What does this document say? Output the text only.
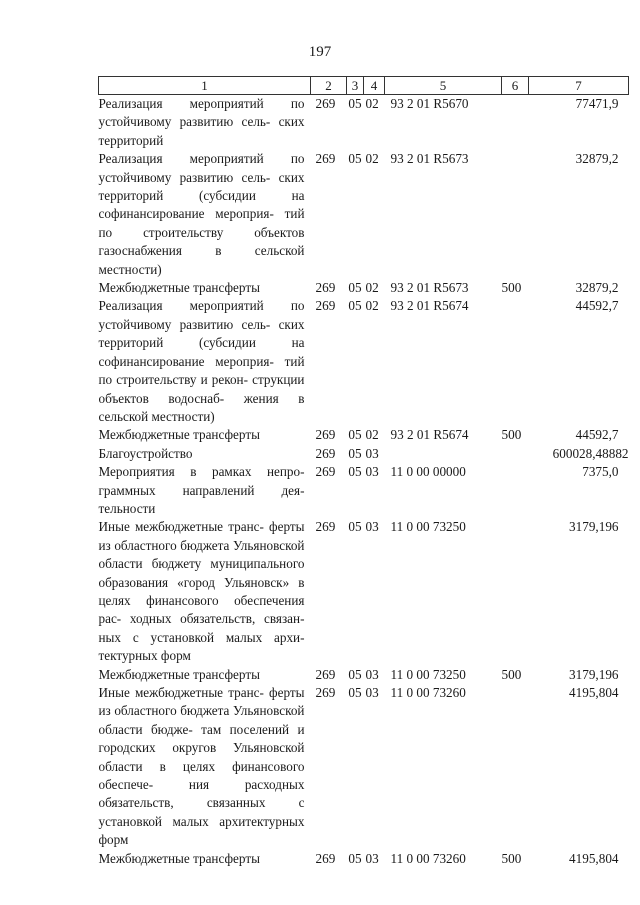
197
1	2	3	4	5	6	7
Реализация мероприятий по устойчивому развитию сель- ских территорий	269	05	02	93 2 01 R5670		77471,9
Реализация мероприятий по устойчивому развитию сель- ских территорий (субсидии на софинансирование мероприя- тий по строительству объектов газоснабжения в сельской местности)	269	05	02	93 2 01 R5673		32879,2
Межбюджетные трансферты	269	05	02	93 2 01 R5673	500	32879,2
Реализация мероприятий по устойчивому развитию сель- ских территорий (субсидии на софинансирование мероприя- тий по строительству и рекон- струкции объектов водоснаб- жения в сельской местности)	269	05	02	93 2 01 R5674		44592,7
Межбюджетные трансферты	269	05	02	93 2 01 R5674	500	44592,7
Благоустройство	269	05	03			600028,48882
Мероприятия в рамках непро- граммных направлений дея- тельности	269	05	03	11 0 00 00000		7375,0
Иные межбюджетные транс- ферты из областного бюджета Ульяновской области бюджету муниципального образования «город Ульяновск» в целях финансового обеспечения рас- ходных обязательств, связан- ных с установкой малых архи- тектурных форм	269	05	03	11 0 00 73250		3179,196
Межбюджетные трансферты	269	05	03	11 0 00 73250	500	3179,196
Иные межбюджетные транс- ферты из областного бюджета Ульяновской области бюдже- там поселений и городских округов Ульяновской области в целях финансового обеспече- ния расходных обязательств, связанных с установкой малых архитектурных форм	269	05	03	11 0 00 73260		4195,804
Межбюджетные трансферты	269	05	03	11 0 00 73260	500	4195,804
